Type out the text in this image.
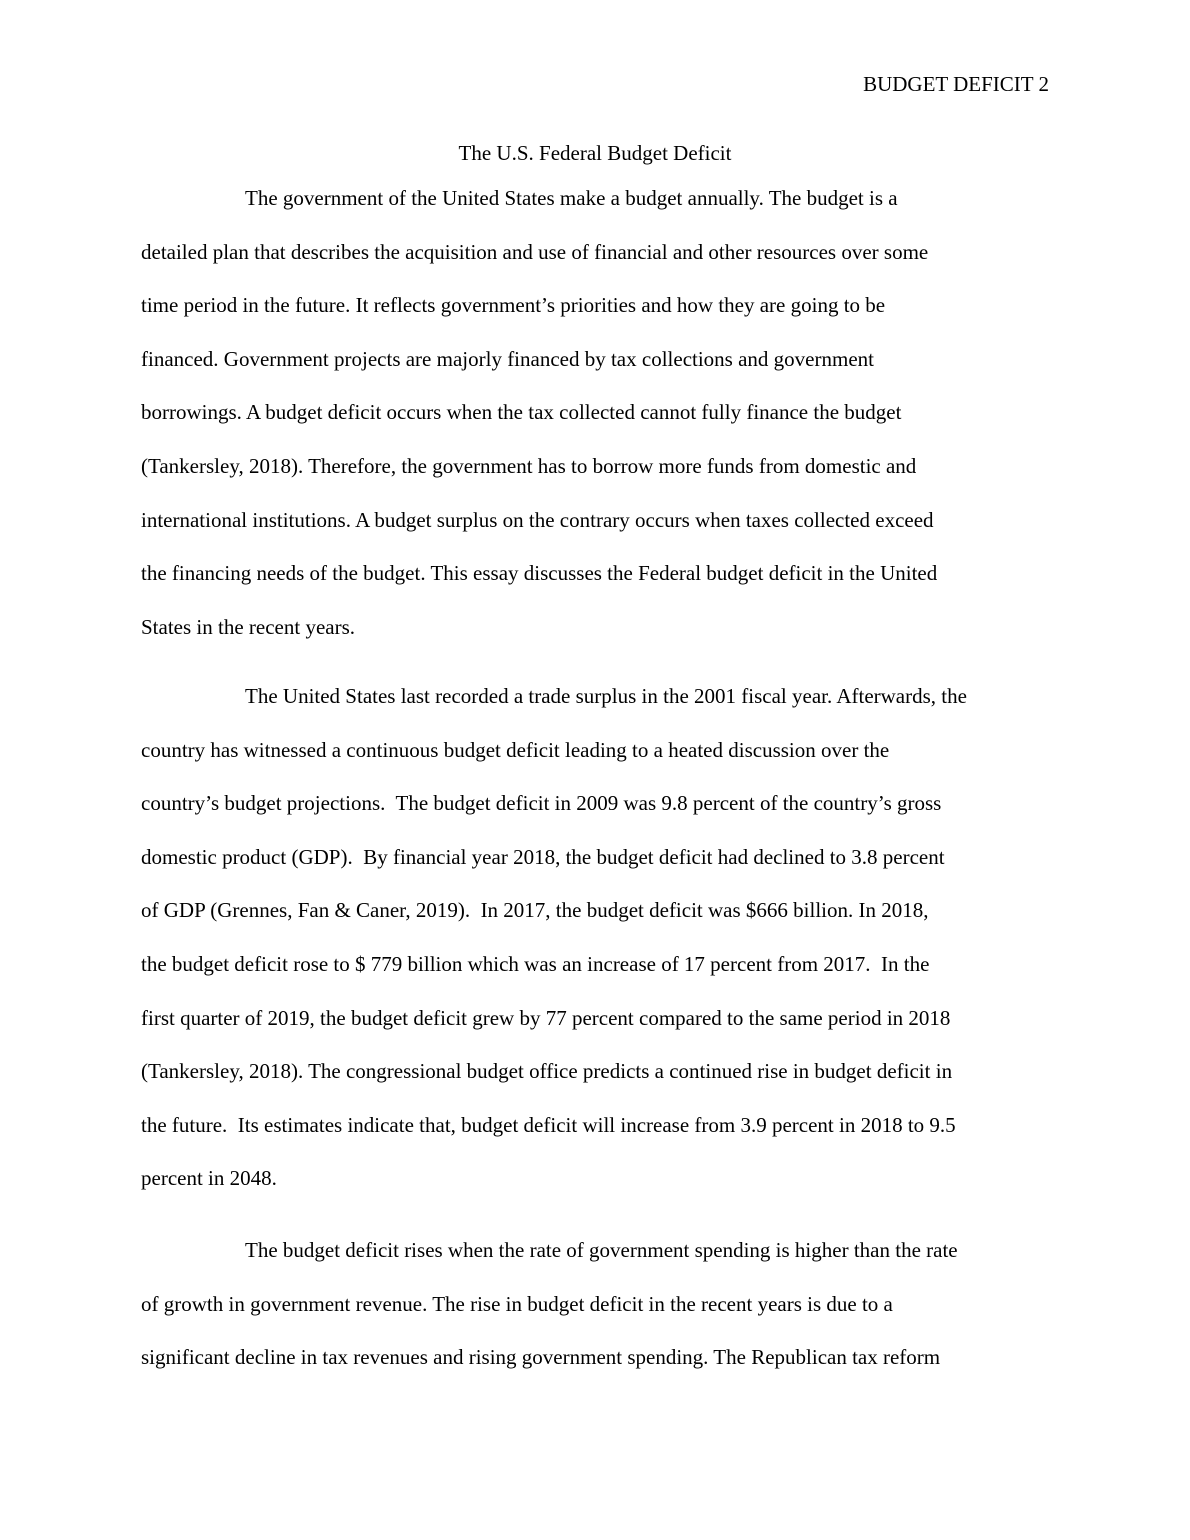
BUDGET DEFICIT 2
The U.S. Federal Budget Deficit
The government of the United States make a budget annually. The budget is a
detailed plan that describes the acquisition and use of financial and other resources over some
time period in the future. It reflects government’s priorities and how they are going to be
financed. Government projects are majorly financed by tax collections and government
borrowings. A budget deficit occurs when the tax collected cannot fully finance the budget
(Tankersley, 2018). Therefore, the government has to borrow more funds from domestic and
international institutions. A budget surplus on the contrary occurs when taxes collected exceed
the financing needs of the budget. This essay discusses the Federal budget deficit in the United
States in the recent years.
The United States last recorded a trade surplus in the 2001 fiscal year. Afterwards, the
country has witnessed a continuous budget deficit leading to a heated discussion over the
country’s budget projections.  The budget deficit in 2009 was 9.8 percent of the country’s gross
domestic product (GDP).  By financial year 2018, the budget deficit had declined to 3.8 percent
of GDP (Grennes, Fan & Caner, 2019).  In 2017, the budget deficit was $666 billion. In 2018,
the budget deficit rose to $ 779 billion which was an increase of 17 percent from 2017.  In the
first quarter of 2019, the budget deficit grew by 77 percent compared to the same period in 2018
(Tankersley, 2018). The congressional budget office predicts a continued rise in budget deficit in
the future.  Its estimates indicate that, budget deficit will increase from 3.9 percent in 2018 to 9.5
percent in 2048.
The budget deficit rises when the rate of government spending is higher than the rate
of growth in government revenue. The rise in budget deficit in the recent years is due to a
significant decline in tax revenues and rising government spending. The Republican tax reform
